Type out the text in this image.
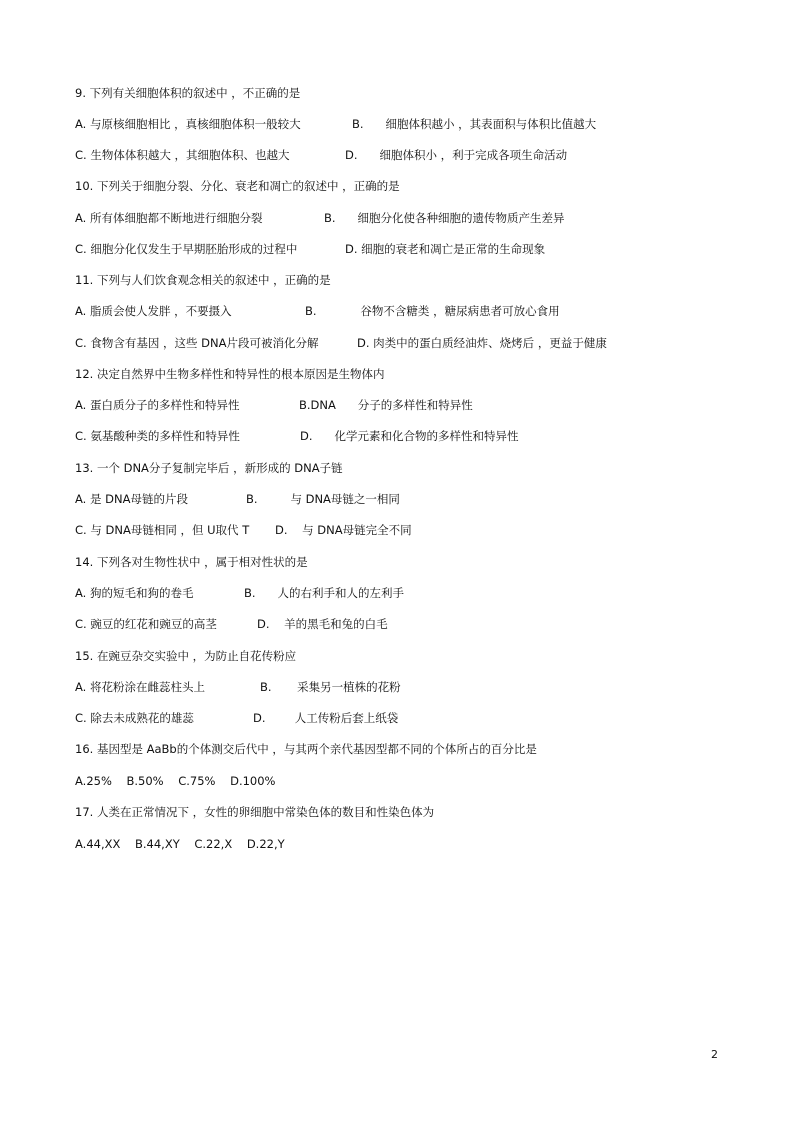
9. 下列有关细胞体积的叙述中 ，不正确的是
A. 与原核细胞相比 ，真核细胞体积一般较大	B.      细胞体积越小 ，其表面积与体积比值越大
C. 生物体体积越大 ，其细胞体积、也越大	D.      细胞体积小 ，利于完成各项生命活动
10. 下列关于细胞分裂、分化、衰老和凋亡的叙述中 ，正确的是
A. 所有体细胞都不断地进行细胞分裂	B.      细胞分化使各种细胞的遗传物质产生差异
C. 细胞分化仅发生于早期胚胎形成的过程中	D. 细胞的衰老和凋亡是正常的生命现象
11. 下列与人们饮食观念相关的叙述中 ，正确的是
A. 脂质会使人发胖 ，不要摄入	B.            谷物不含糖类 ，糖尿病患者可放心食用
C. 食物含有基因 ，这些 DNA片段可被消化分解	D. 肉类中的蛋白质经油炸、烧烤后 ，更益于健康
12. 决定自然界中生物多样性和特异性的根本原因是生物体内
A. 蛋白质分子的多样性和特异性	B.DNA      分子的多样性和特异性
C. 氨基酸种类的多样性和特异性	D.      化学元素和化合物的多样性和特异性
13. 一个 DNA分子复制完毕后 ，新形成的 DNA子链
A. 是 DNA母链的片段	B.         与 DNA母链之一相同
C. 与 DNA母链相同 ，但 U取代 T D.    与 DNA母链完全不同
14. 下列各对生物性状中 ，属于相对性状的是
A. 狗的短毛和狗的卷毛	B.      人的右利手和人的左利手
C. 豌豆的红花和豌豆的高茎	D.    羊的黑毛和兔的白毛
15. 在豌豆杂交实验中 ，为防止自花传粉应
A. 将花粉涂在雌蕊柱头上	B.       采集另一植株的花粉
C. 除去未成熟花的雄蕊	D.        人工传粉后套上纸袋
16. 基因型是 AaBb的个体测交后代中 ，与其两个亲代基因型都不同的个体所占的百分比是
A.25%    B.50%    C.75%    D.100%
17. 人类在正常情况下 ，女性的卵细胞中常染色体的数目和性染色体为
A.44,XX    B.44,XY    C.22,X    D.22,Y
2
